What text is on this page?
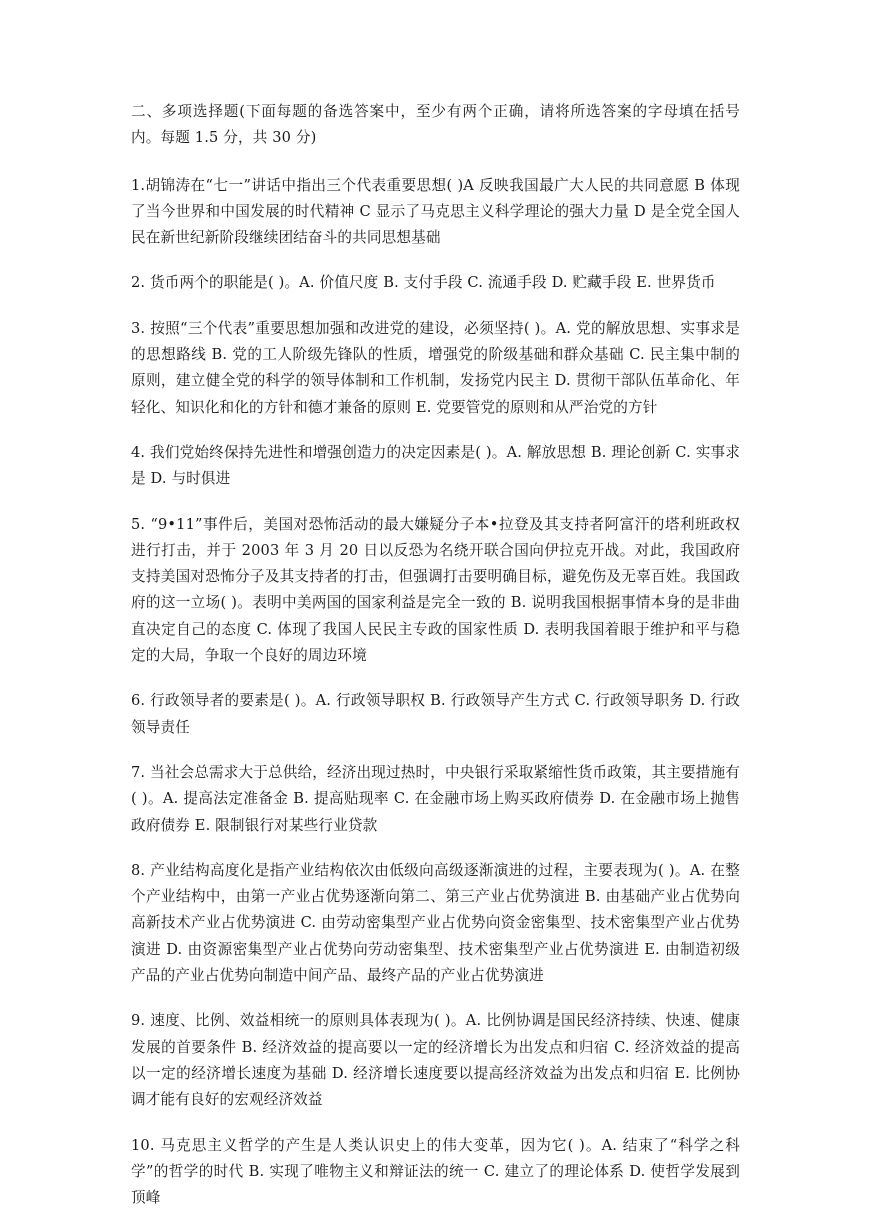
二、多项选择题(下面每题的备选答案中，至少有两个正确，请将所选答案的字母填在括号内。每题 1.5 分，共 30 分)

1.胡锦涛在“七一”讲话中指出三个代表重要思想( )A 反映我国最广大人民的共同意愿 B 体现了当今世界和中国发展的时代精神 C 显示了马克思主义科学理论的强大力量 D 是全党全国人民在新世纪新阶段继续团结奋斗的共同思想基础

2. 货币两个的职能是( )。A. 价值尺度 B. 支付手段 C. 流通手段 D. 贮藏手段 E. 世界货币

3. 按照“三个代表”重要思想加强和改进党的建设，必须坚持( )。A. 党的解放思想、实事求是的思想路线 B. 党的工人阶级先锋队的性质，增强党的阶级基础和群众基础 C. 民主集中制的原则，建立健全党的科学的领导体制和工作机制，发扬党内民主 D. 贯彻干部队伍革命化、年轻化、知识化和化的方针和德才兼备的原则 E. 党要管党的原则和从严治党的方针

4. 我们党始终保持先进性和增强创造力的决定因素是( )。A. 解放思想 B. 理论创新 C. 实事求是 D. 与时俱进

5. “9•11”事件后，美国对恐怖活动的最大嫌疑分子本•拉登及其支持者阿富汗的塔利班政权进行打击，并于 2003 年 3 月 20 日以反恐为名绕开联合国向伊拉克开战。对此，我国政府支持美国对恐怖分子及其支持者的打击，但强调打击要明确目标，避免伤及无辜百姓。我国政府的这一立场( )。表明中美两国的国家利益是完全一致的 B. 说明我国根据事情本身的是非曲直决定自己的态度 C. 体现了我国人民民主专政的国家性质 D. 表明我国着眼于维护和平与稳定的大局，争取一个良好的周边环境

6. 行政领导者的要素是( )。A. 行政领导职权 B. 行政领导产生方式 C. 行政领导职务 D. 行政领导责任

7. 当社会总需求大于总供给，经济出现过热时，中央银行采取紧缩性货币政策，其主要措施有( )。A. 提高法定准备金 B. 提高贴现率 C. 在金融市场上购买政府债券 D. 在金融市场上抛售政府债券 E. 限制银行对某些行业贷款

8. 产业结构高度化是指产业结构依次由低级向高级逐渐演进的过程，主要表现为( )。A. 在整个产业结构中，由第一产业占优势逐渐向第二、第三产业占优势演进 B. 由基础产业占优势向高新技术产业占优势演进 C. 由劳动密集型产业占优势向资金密集型、技术密集型产业占优势演进 D. 由资源密集型产业占优势向劳动密集型、技术密集型产业占优势演进 E. 由制造初级产品的产业占优势向制造中间产品、最终产品的产业占优势演进

9. 速度、比例、效益相统一的原则具体表现为( )。A. 比例协调是国民经济持续、快速、健康发展的首要条件 B. 经济效益的提高要以一定的经济增长为出发点和归宿 C. 经济效益的提高以一定的经济增长速度为基础 D. 经济增长速度要以提高经济效益为出发点和归宿 E. 比例协调才能有良好的宏观经济效益

10. 马克思主义哲学的产生是人类认识史上的伟大变革，因为它( )。A. 结束了“科学之科学”的哲学的时代 B. 实现了唯物主义和辩证法的统一 C. 建立了的理论体系 D. 使哲学发展到顶峰
